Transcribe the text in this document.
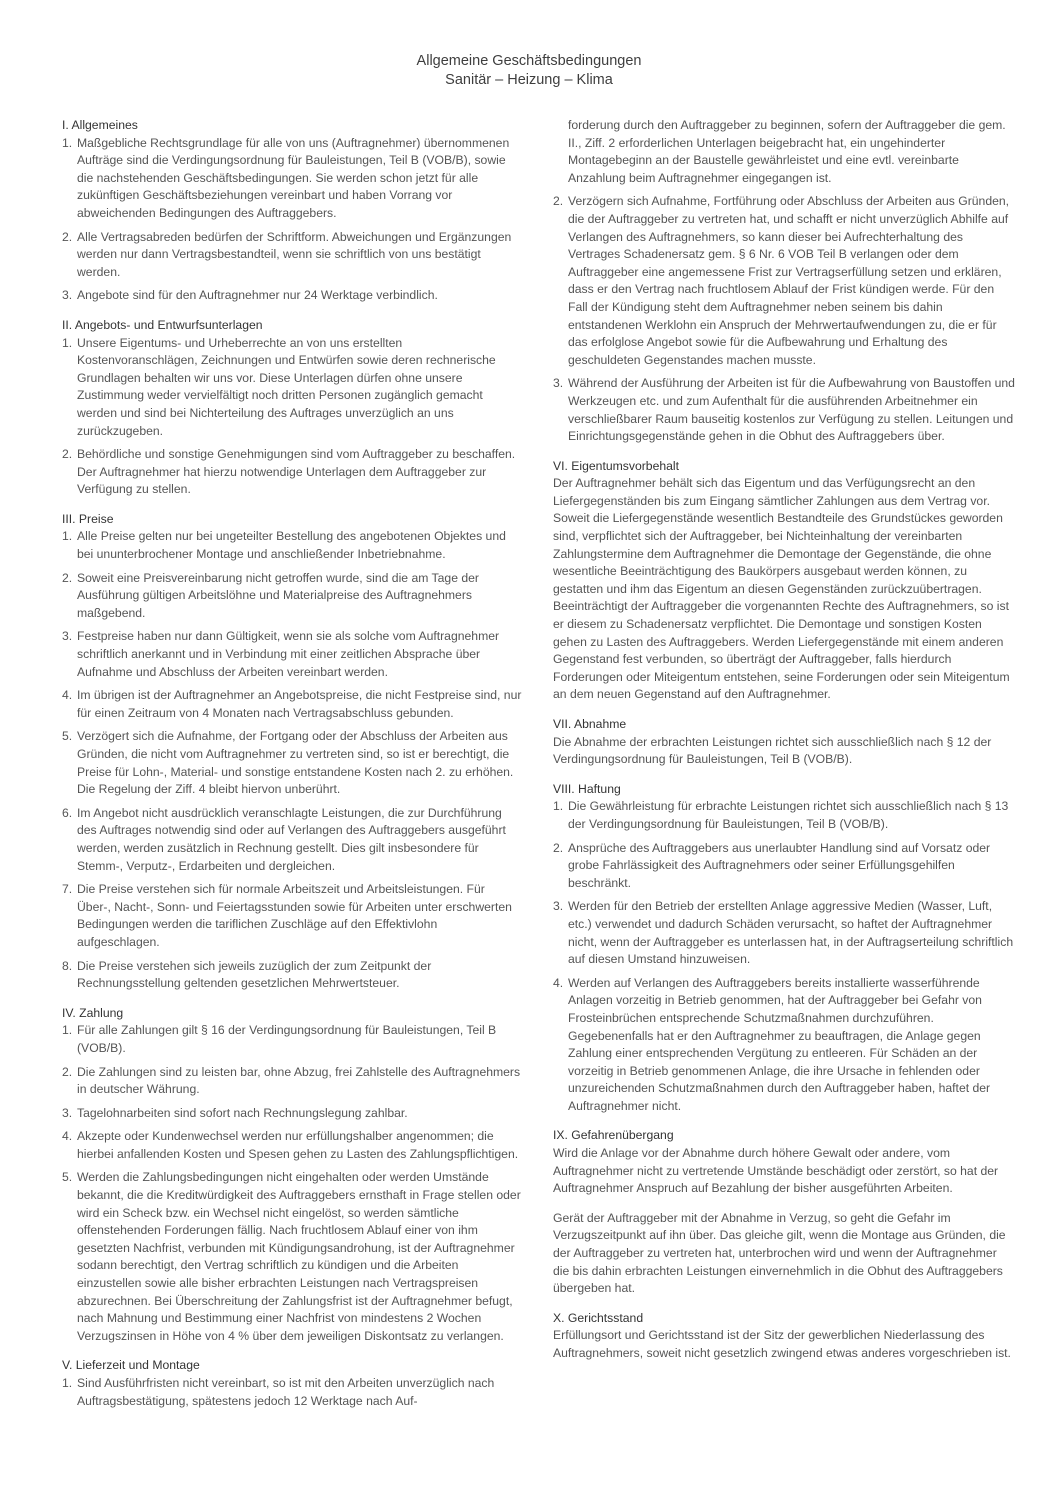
Allgemeine Geschäftsbedingungen
Sanitär – Heizung – Klima
I. Allgemeines
1. Maßgebliche Rechtsgrundlage für alle von uns (Auftragnehmer) übernommenen Aufträge sind die Verdingungsordnung für Bauleistungen, Teil B (VOB/B), sowie die nachstehenden Geschäftsbedingungen. Sie werden schon jetzt für alle zukünftigen Geschäftsbeziehungen vereinbart und haben Vorrang vor abweichenden Bedingungen des Auftraggebers.
2. Alle Vertragsabreden bedürfen der Schriftform. Abweichungen und Ergänzungen werden nur dann Vertragsbestandteil, wenn sie schriftlich von uns bestätigt werden.
3. Angebote sind für den Auftragnehmer nur 24 Werktage verbindlich.
II. Angebots- und Entwurfsunterlagen
1. Unsere Eigentums- und Urheberrechte an von uns erstellten Kostenvoranschlägen, Zeichnungen und Entwürfen sowie deren rechnerische Grundlagen behalten wir uns vor. Diese Unterlagen dürfen ohne unsere Zustimmung weder vervielfältigt noch dritten Personen zugänglich gemacht werden und sind bei Nichterteilung des Auftrages unverzüglich an uns zurückzugeben.
2. Behördliche und sonstige Genehmigungen sind vom Auftraggeber zu beschaffen. Der Auftragnehmer hat hierzu notwendige Unterlagen dem Auftraggeber zur Verfügung zu stellen.
III. Preise
1. Alle Preise gelten nur bei ungeteilter Bestellung des angebotenen Objektes und bei ununterbrochener Montage und anschließender Inbetriebnahme.
2. Soweit eine Preisvereinbarung nicht getroffen wurde, sind die am Tage der Ausführung gültigen Arbeitslöhne und Materialpreise des Auftragnehmers maßgebend.
3. Festpreise haben nur dann Gültigkeit, wenn sie als solche vom Auftragnehmer schriftlich anerkannt und in Verbindung mit einer zeitlichen Absprache über Aufnahme und Abschluss der Arbeiten vereinbart werden.
4. Im übrigen ist der Auftragnehmer an Angebotspreise, die nicht Festpreise sind, nur für einen Zeitraum von 4 Monaten nach Vertragsabschluss gebunden.
5. Verzögert sich die Aufnahme, der Fortgang oder der Abschluss der Arbeiten aus Gründen, die nicht vom Auftragnehmer zu vertreten sind, so ist er berechtigt, die Preise für Lohn-, Material- und sonstige entstandene Kosten nach 2. zu erhöhen. Die Regelung der Ziff. 4 bleibt hiervon unberührt.
6. Im Angebot nicht ausdrücklich veranschlagte Leistungen, die zur Durchführung des Auftrages notwendig sind oder auf Verlangen des Auftraggebers ausgeführt werden, werden zusätzlich in Rechnung gestellt. Dies gilt insbesondere für Stemm-, Verputz-, Erdarbeiten und dergleichen.
7. Die Preise verstehen sich für normale Arbeitszeit und Arbeitsleistungen. Für Über-, Nacht-, Sonn- und Feiertagsstunden sowie für Arbeiten unter erschwerten Bedingungen werden die tariflichen Zuschläge auf den Effektivlohn aufgeschlagen.
8. Die Preise verstehen sich jeweils zuzüglich der zum Zeitpunkt der Rechnungsstellung geltenden gesetzlichen Mehrwertsteuer.
IV. Zahlung
1. Für alle Zahlungen gilt § 16 der Verdingungsordnung für Bauleistungen, Teil B (VOB/B).
2. Die Zahlungen sind zu leisten bar, ohne Abzug, frei Zahlstelle des Auftragnehmers in deutscher Währung.
3. Tagelohnarbeiten sind sofort nach Rechnungslegung zahlbar.
4. Akzepte oder Kundenwechsel werden nur erfüllungshalber angenommen; die hierbei anfallenden Kosten und Spesen gehen zu Lasten des Zahlungspflichtigen.
5. Werden die Zahlungsbedingungen nicht eingehalten oder werden Umstände bekannt, die die Kreditwürdigkeit des Auftraggebers ernsthaft in Frage stellen oder wird ein Scheck bzw. ein Wechsel nicht eingelöst, so werden sämtliche offenstehenden Forderungen fällig. Nach fruchtlosem Ablauf einer von ihm gesetzten Nachfrist, verbunden mit Kündigungsandrohung, ist der Auftragnehmer sodann berechtigt, den Vertrag schriftlich zu kündigen und die Arbeiten einzustellen sowie alle bisher erbrachten Leistungen nach Vertragspreisen abzurechnen. Bei Überschreitung der Zahlungsfrist ist der Auftragnehmer befugt, nach Mahnung und Bestimmung einer Nachfrist von mindestens 2 Wochen Verzugszinsen in Höhe von 4 % über dem jeweiligen Diskontsatz zu verlangen.
V. Lieferzeit und Montage
1. Sind Ausführfristen nicht vereinbart, so ist mit den Arbeiten unverzüglich nach Auftragsbestätigung, spätestens jedoch 12 Werktage nach Auf-
forderung durch den Auftraggeber zu beginnen, sofern der Auftraggeber die gem. II., Ziff. 2 erforderlichen Unterlagen beigebracht hat, ein ungehinderter Montagebeginn an der Baustelle gewährleistet und eine evtl. vereinbarte Anzahlung beim Auftragnehmer eingegangen ist.
2. Verzögern sich Aufnahme, Fortführung oder Abschluss der Arbeiten aus Gründen, die der Auftraggeber zu vertreten hat, und schafft er nicht unverzüglich Abhilfe auf Verlangen des Auftragnehmers, so kann dieser bei Aufrechterhaltung des Vertrages Schadenersatz gem. § 6 Nr. 6 VOB Teil B verlangen oder dem Auftraggeber eine angemessene Frist zur Vertragserfüllung setzen und erklären, dass er den Vertrag nach fruchtlosem Ablauf der Frist kündigen werde. Für den Fall der Kündigung steht dem Auftragnehmer neben seinem bis dahin entstandenen Werklohn ein Anspruch der Mehrwertaufwendungen zu, die er für das erfolglose Angebot sowie für die Aufbewahrung und Erhaltung des geschuldeten Gegenstandes machen musste.
3. Während der Ausführung der Arbeiten ist für die Aufbewahrung von Baustoffen und Werkzeugen etc. und zum Aufenthalt für die ausführenden Arbeitnehmer ein verschließbarer Raum bauseitig kostenlos zur Verfügung zu stellen. Leitungen und Einrichtungsgegenstände gehen in die Obhut des Auftraggebers über.
VI. Eigentumsvorbehalt

Der Auftragnehmer behält sich das Eigentum und das Verfügungsrecht an den Liefergegenständen bis zum Eingang sämtlicher Zahlungen aus dem Vertrag vor. Soweit die Liefergegenstände wesentlich Bestandteile des Grundstückes geworden sind, verpflichtet sich der Auftraggeber, bei Nichteinhaltung der vereinbarten Zahlungstermine dem Auftragnehmer die Demontage der Gegenstände, die ohne wesentliche Beeinträchtigung des Baukörpers ausgebaut werden können, zu gestatten und ihm das Eigentum an diesen Gegenständen zurückzuübertragen. Beeinträchtigt der Auftraggeber die vorgenannten Rechte des Auftragnehmers, so ist er diesem zu Schadenersatz verpflichtet. Die Demontage und sonstigen Kosten gehen zu Lasten des Auftraggebers. Werden Liefergegenstände mit einem anderen Gegenstand fest verbunden, so überträgt der Auftraggeber, falls hierdurch Forderungen oder Miteigentum entstehen, seine Forderungen oder sein Miteigentum an dem neuen Gegenstand auf den Auftragnehmer.

VII. Abnahme

Die Abnahme der erbrachten Leistungen richtet sich ausschließlich nach § 12 der Verdingungsordnung für Bauleistungen, Teil B (VOB/B).

VIII. Haftung
1. Die Gewährleistung für erbrachte Leistungen richtet sich ausschließlich nach § 13 der Verdingungsordnung für Bauleistungen, Teil B (VOB/B).
2. Ansprüche des Auftraggebers aus unerlaubter Handlung sind auf Vorsatz oder grobe Fahrlässigkeit des Auftragnehmers oder seiner Erfüllungsgehilfen beschränkt.
3. Werden für den Betrieb der erstellten Anlage aggressive Medien (Wasser, Luft, etc.) verwendet und dadurch Schäden verursacht, so haftet der Auftragnehmer nicht, wenn der Auftraggeber es unterlassen hat, in der Auftragserteilung schriftlich auf diesen Umstand hinzuweisen.
4. Werden auf Verlangen des Auftraggebers bereits installierte wasserführende Anlagen vorzeitig in Betrieb genommen, hat der Auftraggeber bei Gefahr von Frosteinbrüchen entsprechende Schutzmaßnahmen durchzuführen. Gegebenenfalls hat er den Auftragnehmer zu beauftragen, die Anlage gegen Zahlung einer entsprechenden Vergütung zu entleeren. Für Schäden an der vorzeitig in Betrieb genommenen Anlage, die ihre Ursache in fehlenden oder unzureichenden Schutzmaßnahmen durch den Auftraggeber haben, haftet der Auftragnehmer nicht.
IX. Gefahrenübergang

Wird die Anlage vor der Abnahme durch höhere Gewalt oder andere, vom Auftragnehmer nicht zu vertretende Umstände beschädigt oder zerstört, so hat der Auftragnehmer Anspruch auf Bezahlung der bisher ausgeführten Arbeiten.

Gerät der Auftraggeber mit der Abnahme in Verzug, so geht die Gefahr im Verzugszeitpunkt auf ihn über. Das gleiche gilt, wenn die Montage aus Gründen, die der Auftraggeber zu vertreten hat, unterbrochen wird und wenn der Auftragnehmer die bis dahin erbrachten Leistungen einvernehmlich in die Obhut des Auftraggebers übergeben hat.

X. Gerichtsstand

Erfüllungsort und Gerichtsstand ist der Sitz der gewerblichen Niederlassung des Auftragnehmers, soweit nicht gesetzlich zwingend etwas anderes vorgeschrieben ist.
